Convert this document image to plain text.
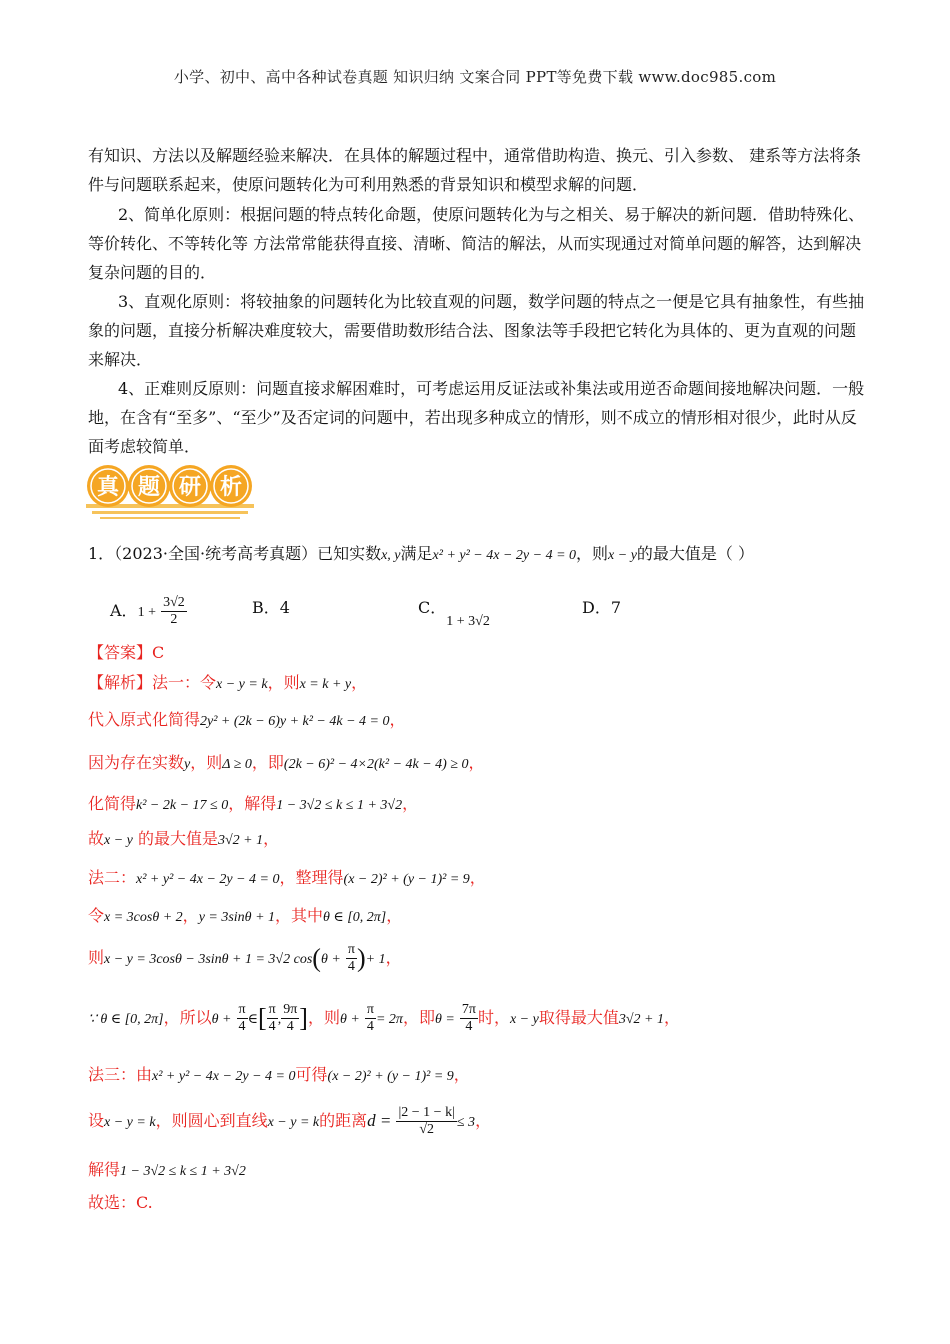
小学、初中、高中各种试卷真题 知识归纳 文案合同 PPT等免费下载 www.doc985.com
有知识、方法以及解题经验来解决．在具体的解题过程中，通常借助构造、换元、引入参数、 建系等方法将条件与问题联系起来，使原问题转化为可利用熟悉的背景知识和模型求解的问题．
2、简单化原则：根据问题的特点转化命题，使原问题转化为与之相关、易于解决的新问题．借助特殊化、等价转化、不等转化等 方法常常能获得直接、清晰、简洁的解法，从而实现通过对简单问题的解答，达到解决复杂问题的目的．
3、直观化原则：将较抽象的问题转化为比较直观的问题，数学问题的特点之一便是它具有抽象性，有些抽象的问题，直接分析解决难度较大，需要借助数形结合法、图象法等手段把它转化为具体的、更为直观的问题来解决．
4、正难则反原则：问题直接求解困难时，可考虑运用反证法或补集法或用逆否命题间接地解决问题．一般地，在含有“至多”、“至少”及否定词的问题中，若出现多种成立的情形，则不成立的情形相对很少，此时从反面考虑较简单．
真 题 研 析
1．（2023·全国·统考高考真题）已知实数x, y满足x² + y² − 4x − 2y − 4 = 0，则x − y的最大值是（ ）
A．$1 + \frac{3√2}{2}$	B．4	C．1 + 3√2
D．7
【答案】C
【解析】法一：令x − y = k，则x = k + y，
代入原式化简得2y² + (2k − 6)y + k² − 4k − 4 = 0，
因为存在实数y，则Δ ≥ 0，即(2k − 6)² − 4×2(k² − 4k − 4) ≥ 0，
化简得k² − 2k − 17 ≤ 0，解得1 − 3√2 ≤ k ≤ 1 + 3√2，
故x − y 的最大值是3√2 + 1，
法二：x² + y² − 4x − 2y − 4 = 0，整理得(x − 2)² + (y − 1)² = 9，
令x = 3cosθ + 2，y = 3sinθ + 1，其中θ ∈ [0, 2π]，
则x − y = 3cosθ − 3sinθ + 1 = 3√2 $\cos(\theta + \frac{\pi}{4}$ )+ 1，
∵ θ ∈ [0, 2π]，所以$\theta + \frac{\pi}{4}$ ∈[ $\frac{\pi}{4}$ , $\frac{9\pi}{4}$ ]，则$\theta + \frac{\pi}{4} = 2\pi$，即$\theta = \frac{7\pi}{4}$ 时，x − y取得最大值3√2 + 1，
法三：由x² + y² − 4x − 2y − 4 = 0可得(x − 2)² + (y − 1)² = 9，
设x − y = k，则圆心到直线x − y = k的距离$d = \frac{|2 - 1 - k|}{√2} \le 3$，
解得1 − 3√2 ≤ k ≤ 1 + 3√2
故选：C.
